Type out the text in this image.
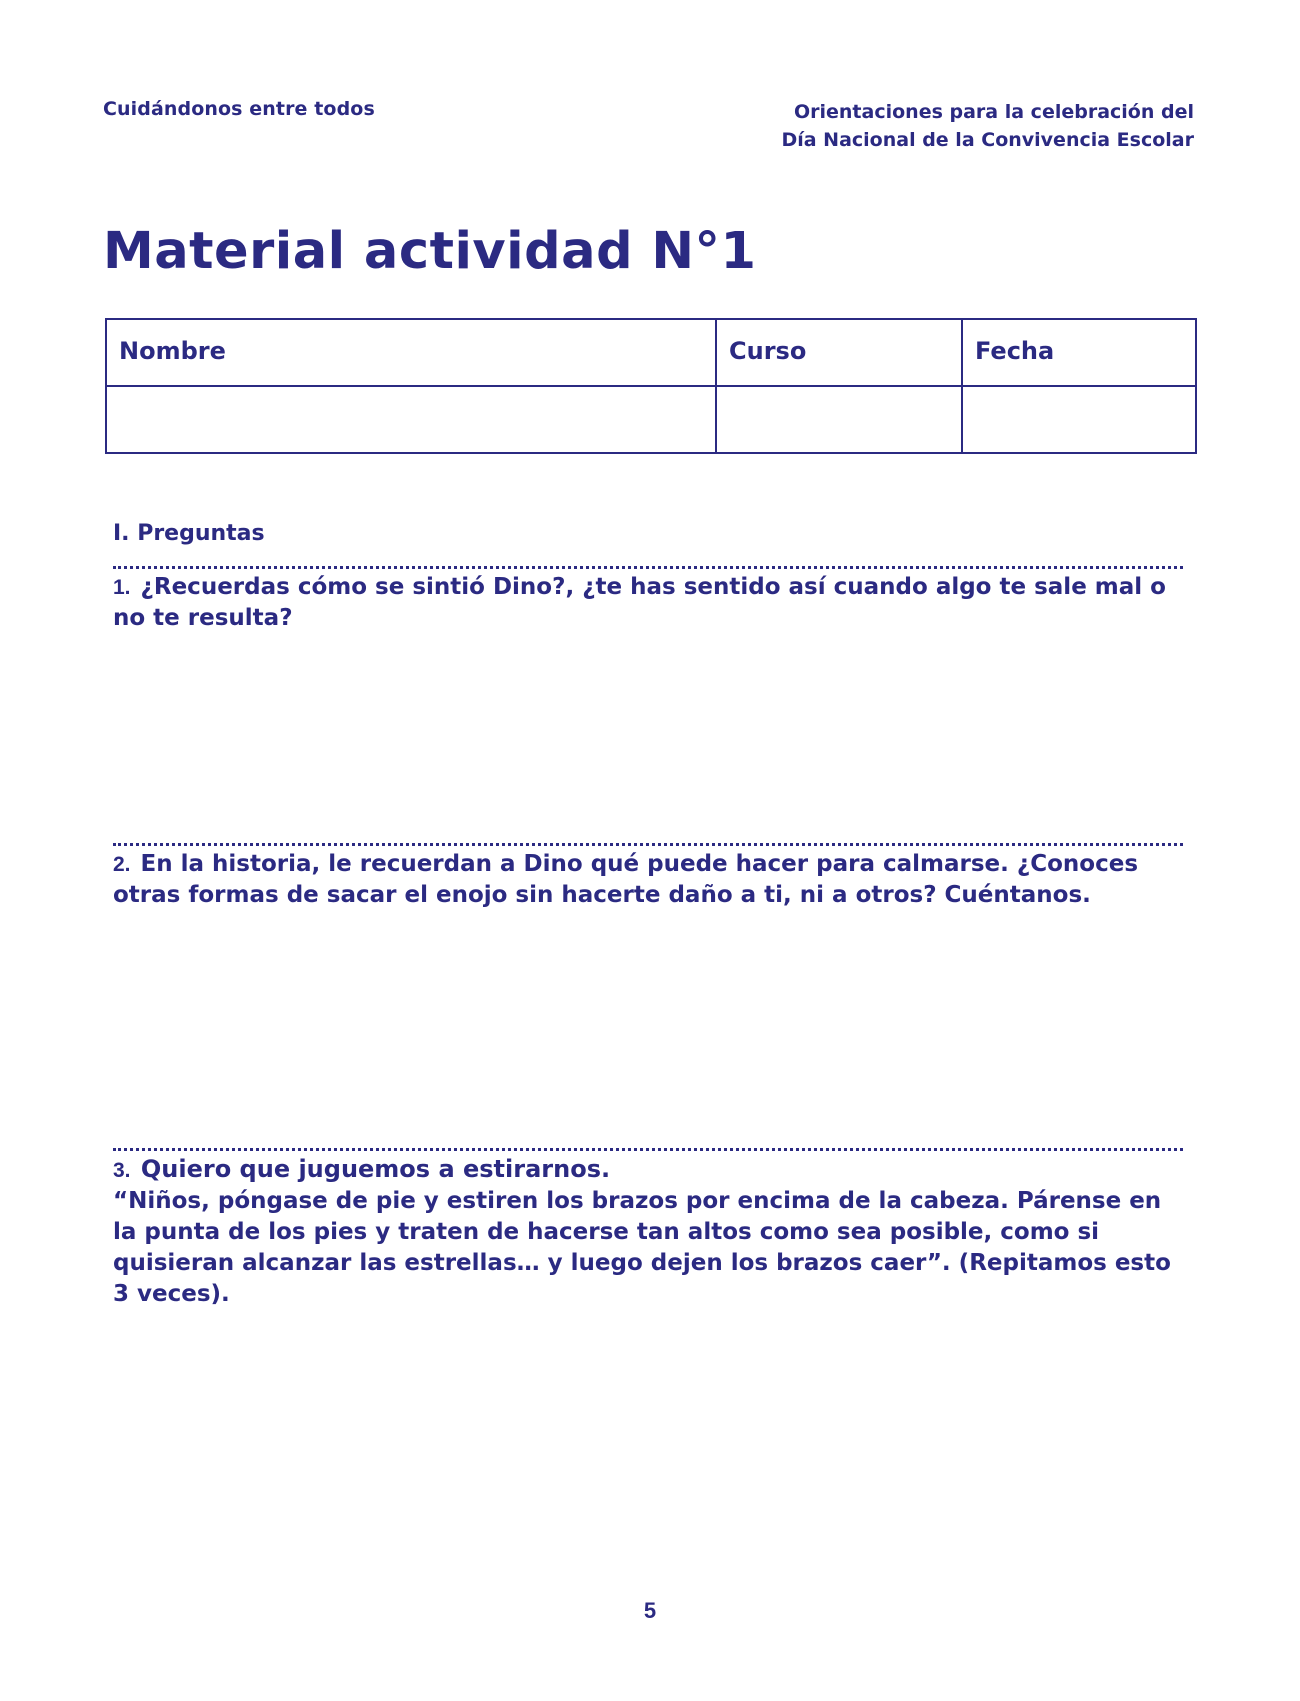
Cuidándonos entre todos	Orientaciones para la celebración del
Día Nacional de la Convivencia Escolar
Material actividad N°1
Nombre	Curso	Fecha

I. Preguntas
1. ¿Recuerdas cómo se sintió Dino?, ¿te has sentido así cuando algo te sale mal o no te resulta?
2. En la historia, le recuerdan a Dino qué puede hacer para calmarse. ¿Conoces otras formas de sacar el enojo sin hacerte daño a ti, ni a otros? Cuéntanos.
3. Quiero que juguemos a estirarnos.
“Niños, póngase de pie y estiren los brazos por encima de la cabeza. Párense en la punta de los pies y traten de hacerse tan altos como sea posible, como si quisieran alcanzar las estrellas… y luego dejen los brazos caer”. (Repitamos esto 3 veces).
5
